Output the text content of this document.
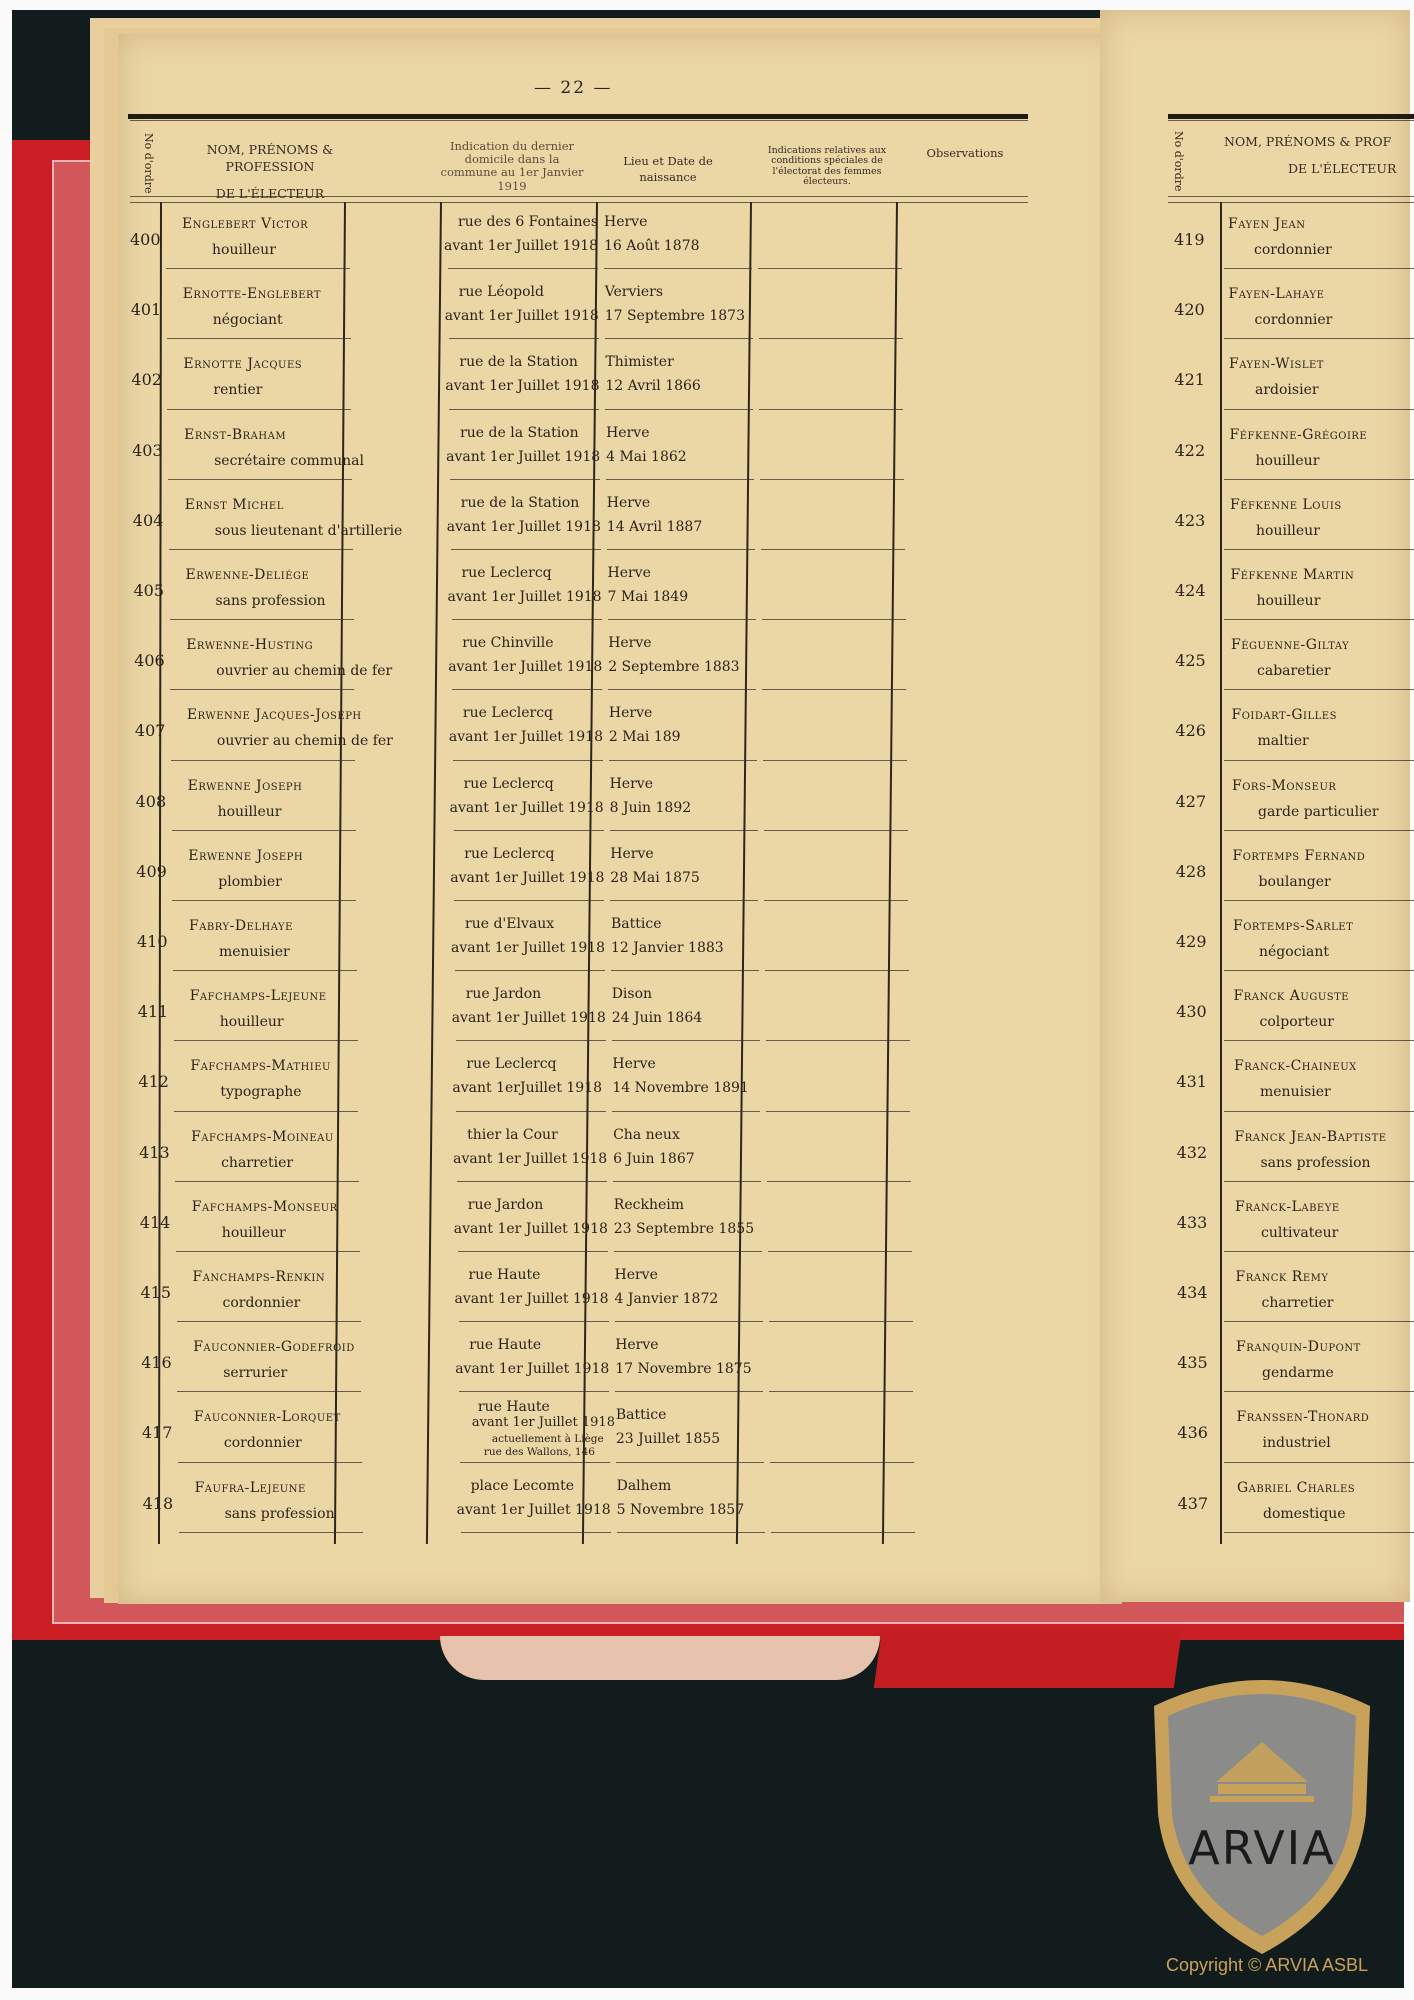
— 22 —
No d'ordre	NOM, PRÉNOMS & PROFESSION
DE L'ÉLECTEUR
Indication du dernier domicile dans la commune au 1er Janvier 1919
Lieu et Date de naissance
Indications relatives aux conditions spéciales de l'électorat des femmes électeurs.
Observations
400
Englebert Victor
houilleur
rue des 6 Fontaines
avant 1er Juillet 1918
Herve
16 Août 1878
401
Ernotte-Englebert
négociant
rue Léopold
avant 1er Juillet 1918
Verviers
17 Septembre 1873
402
Ernotte Jacques
rentier
rue de la Station
avant 1er Juillet 1918
Thimister
12 Avril 1866
403
Ernst-Braham
secrétaire communal
rue de la Station
avant 1er Juillet 1918
Herve
4 Mai 1862
404
Ernst Michel
sous lieutenant d'artillerie
rue de la Station
avant 1er Juillet 1918
Herve
14 Avril 1887
405
Erwenne-Deliége
sans profession
rue Leclercq
avant 1er Juillet 1918
Herve
7 Mai 1849
406
Erwenne-Husting
ouvrier au chemin de fer
rue Chinville
avant 1er Juillet 1918
Herve
2 Septembre 1883
407
Erwenne Jacques-Joseph
ouvrier au chemin de fer
rue Leclercq
avant 1er Juillet 1918
Herve
2 Mai 189
408
Erwenne Joseph
houilleur
rue Leclercq
avant 1er Juillet 1918
Herve
8 Juin 1892
409
Erwenne Joseph
plombier
rue Leclercq
avant 1er Juillet 1918
Herve
28 Mai 1875
410
Fabry-Delhaye
menuisier
rue d'Elvaux
avant 1er Juillet 1918
Battice
12 Janvier 1883
411
Fafchamps-Lejeune
houilleur
rue Jardon
avant 1er Juillet 1918
Dison
24 Juin 1864
412
Fafchamps-Mathieu
typographe
rue Leclercq
avant 1erJuillet 1918
Herve
14 Novembre 1891
413
Fafchamps-Moineau
charretier
thier la Cour
avant 1er Juillet 1918
Cha neux
6 Juin 1867
414
Fafchamps-Monseur
houilleur
rue Jardon
avant 1er Juillet 1918
Reckheim
23 Septembre 1855
415
Fanchamps-Renkin
cordonnier
rue Haute
avant 1er Juillet 1918
Herve
4 Janvier 1872
416
Fauconnier-Godefroid
serrurier
rue Haute
avant 1er Juillet 1918
Herve
17 Novembre 1875
417
Fauconnier-Lorquet
cordonnier
rue Haute
avant 1er Juillet 1918
actuellement à Liège
rue des Wallons, 146
Battice
23 Juillet 1855
418
Faufra-Lejeune
sans profession
place Lecomte
avant 1er Juillet 1918
Dalhem
5 Novembre 1857
No d'ordre	NOM, PRÉNOMS & PROF
DE L'ÉLECTEUR
419
Fayen Jean
cordonnier
420
Fayen-Lahaye
cordonnier
421
Fayen-Wislet
ardoisier
422
Féfkenne-Grégoire
houilleur
423
Féfkenne Louis
houilleur
424
Féfkenne Martin
houilleur
425
Féguenne-Giltay
cabaretier
426
Foidart-Gilles
maltier
427
Fors-Monseur
garde particulier
428
Fortemps Fernand
boulanger
429
Fortemps-Sarlet
négociant
430
Franck Auguste
colporteur
431
Franck-Chaineux
menuisier
432
Franck Jean-Baptiste
sans profession
433
Franck-Labeye
cultivateur
434
Franck Remy
charretier
435
Franquin-Dupont
gendarme
436
Franssen-Thonard
industriel
437
Gabriel Charles
domestique
ARVIA
Copyright © ARVIA ASBL
